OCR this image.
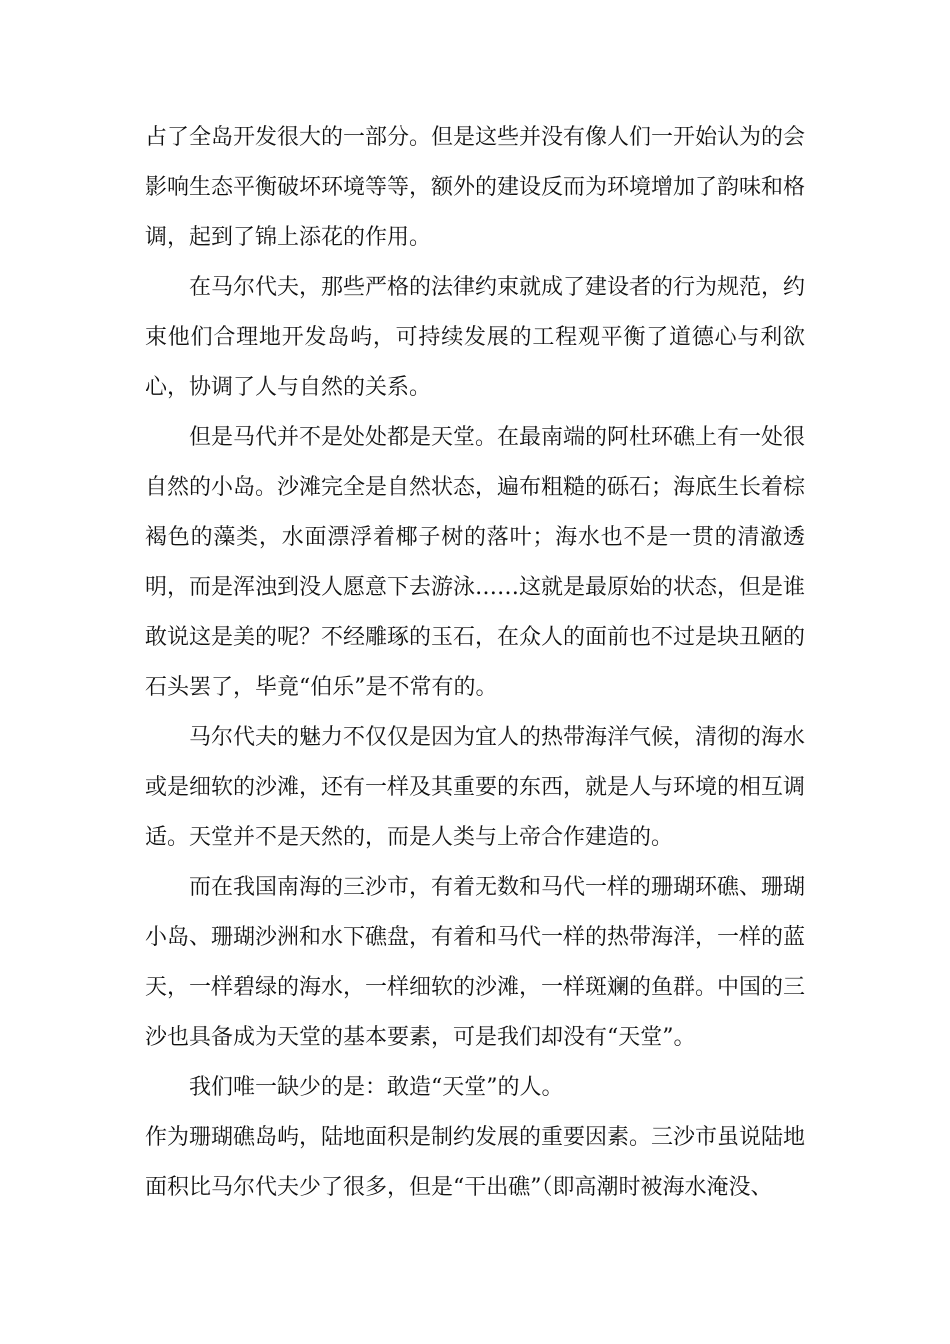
占了全岛开发很大的一部分。但是这些并没有像人们一开始认为的会影响生态平衡破坏环境等等，额外的建设反而为环境增加了韵味和格调，起到了锦上添花的作用。

在马尔代夫，那些严格的法律约束就成了建设者的行为规范，约束他们合理地开发岛屿，可持续发展的工程观平衡了道德心与利欲心，协调了人与自然的关系。

但是马代并不是处处都是天堂。在最南端的阿杜环礁上有一处很自然的小岛。沙滩完全是自然状态，遍布粗糙的砾石；海底生长着棕褐色的藻类，水面漂浮着椰子树的落叶；海水也不是一贯的清澈透明，而是浑浊到没人愿意下去游泳……这就是最原始的状态，但是谁敢说这是美的呢？不经雕琢的玉石，在众人的面前也不过是块丑陋的石头罢了，毕竟“伯乐”是不常有的。

马尔代夫的魅力不仅仅是因为宜人的热带海洋气候，清彻的海水或是细软的沙滩，还有一样及其重要的东西，就是人与环境的相互调适。天堂并不是天然的，而是人类与上帝合作建造的。

而在我国南海的三沙市，有着无数和马代一样的珊瑚环礁、珊瑚小岛、珊瑚沙洲和水下礁盘，有着和马代一样的热带海洋，一样的蓝天，一样碧绿的海水，一样细软的沙滩，一样斑斓的鱼群。中国的三沙也具备成为天堂的基本要素，可是我们却没有“天堂”。

我们唯一缺少的是：敢造“天堂”的人。

作为珊瑚礁岛屿，陆地面积是制约发展的重要因素。三沙市虽说陆地面积比马尔代夫少了很多，但是“干出礁”（即高潮时被海水淹没、
